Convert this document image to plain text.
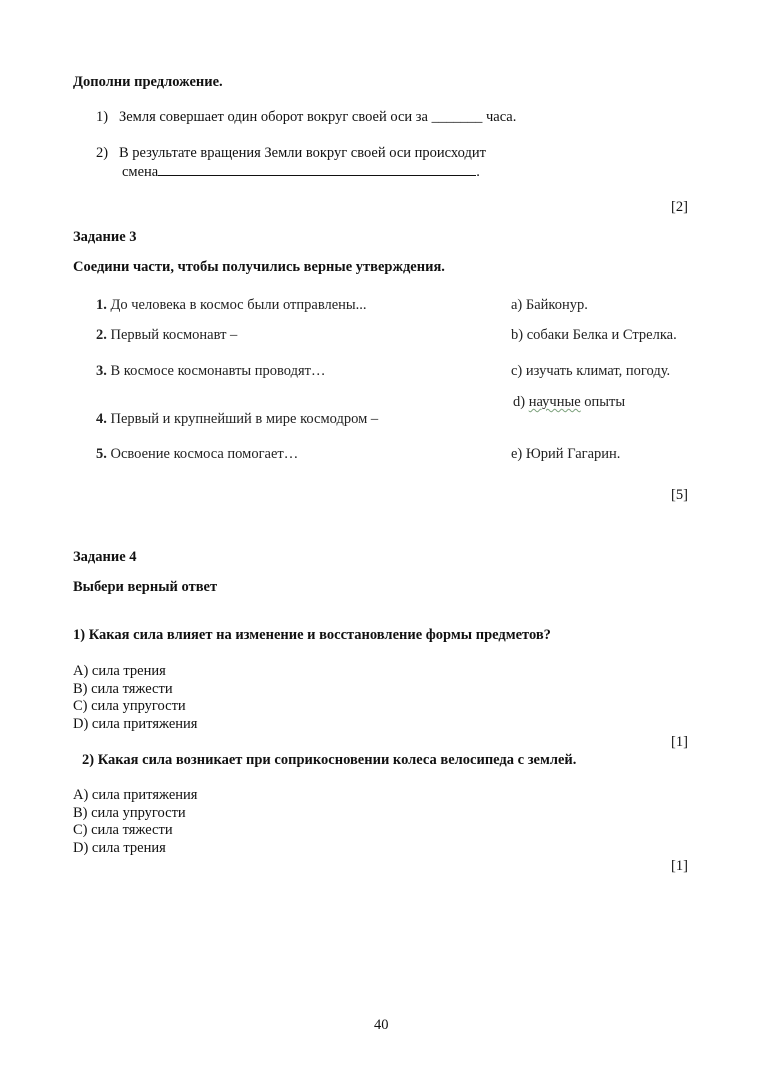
Дополни предложение.
1) Земля совершает один оборот вокруг своей оси за _______ часа.
2) В результате вращения Земли вокруг своей оси происходит
смена	.
[2]
Задание 3
Соедини части, чтобы получились верные утверждения.
1. До человека в космос были отправлены...
2. Первый космонавт –
3. В космосе космонавты проводят…
4. Первый и крупнейший в мире космодром –
5. Освоение космоса помогает…
a) Байконур.
b) собаки Белка и Стрелка.
c) изучать климат, погоду.
d) научные опыты
e) Юрий Гагарин.
[5]
Задание 4
Выбери верный ответ
1) Какая сила влияет на изменение и восстановление формы предметов?
A) сила трения
B) сила тяжести
C) сила упругости
D) сила притяжения
[1]
2) Какая сила возникает при соприкосновении колеса велосипеда с землей.
A) сила притяжения
B) сила упругости
C) сила тяжести
D) сила трения
[1]
40
